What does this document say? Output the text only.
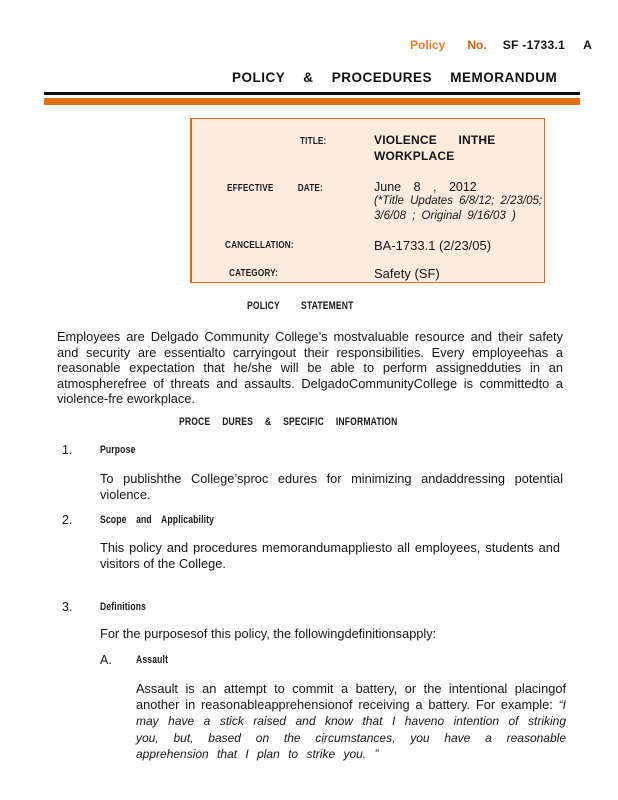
Policy No. SF -1733.1 A
POLICY & PROCEDURES MEMORANDUM
TITLE:	VIOLENCE INTHE
WORKPLACE
EFFECTIVE DATE:	June 8 , 2012
(*Title Updates 6/8/12; 2/23/05;
3/6/08 ; Original 9/16/03 )
CANCELLATION:	BA-1733.1 (2/23/05)
CATEGORY:	Safety (SF)
POLICY STATEMENT
Employees are Delgado Community College’s mostvaluable resource and their safety and security are essentialto carryingout their responsibilities. Every employeehas a reasonable expectation that he/she will be able to perform assignedduties in an atmospherefree of threats and assaults. DelgadoCommunityCollege is committedto a violence-fre eworkplace.
PROCE DURES & SPECIFIC INFORMATION
1.	Purpose
To publishthe College’sproc edures for minimizing andaddressing potential violence.
2.	Scope and Applicability
This policy and procedures memorandumappliesto all employees, students and visitors of the College.
3.	Definitions
For the purposesof this policy, the followingdefinitionsapply:
A. Assault
Assault is an attempt to commit a battery, or the intentional placingof another in reasonableapprehensionof receiving a battery. For example: “I may have a stick raised and know that I haveno intention of striking you, but, based on the circumstances, you have a reasonable apprehension that I plan to strike you. ”
